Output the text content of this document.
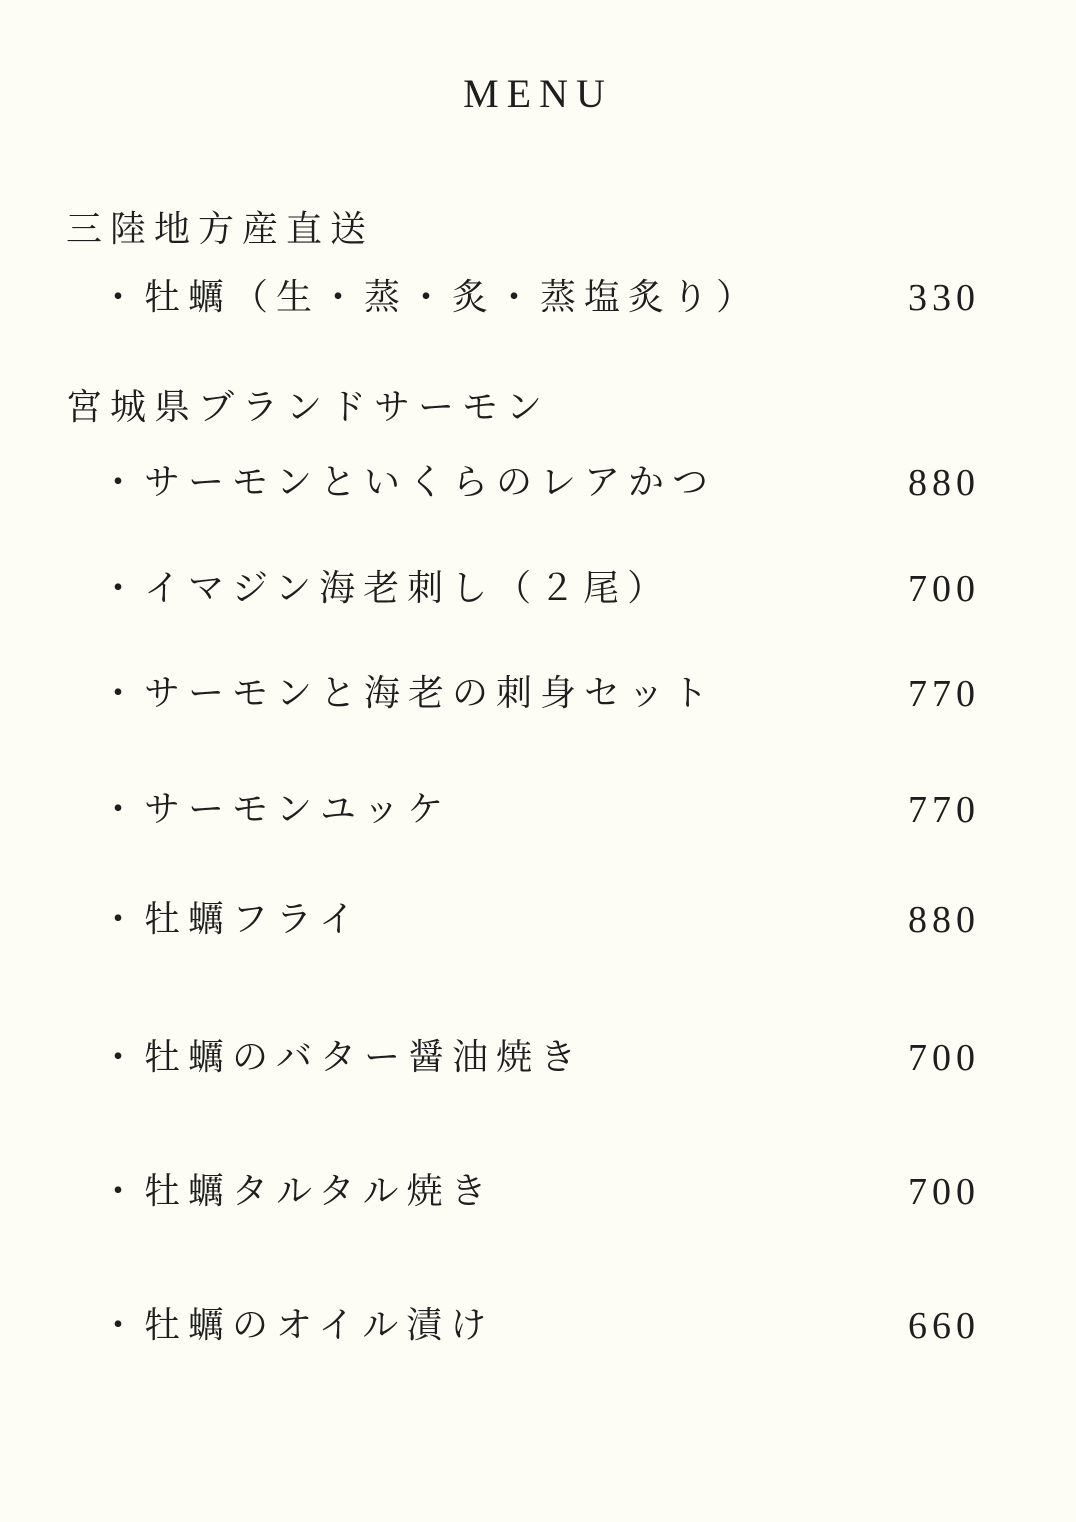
MENU
三陸地方産直送
・牡蠣（生・蒸・炙・蒸塩炙り）	330
宮城県ブランドサーモン
・サーモンといくらのレアかつ	880
・イマジン海老刺し（２尾）	700
・サーモンと海老の刺身セット	770
・サーモンユッケ	770
・牡蠣フライ	880
・牡蠣のバター醤油焼き	700
・牡蠣タルタル焼き	700
・牡蠣のオイル漬け	660
